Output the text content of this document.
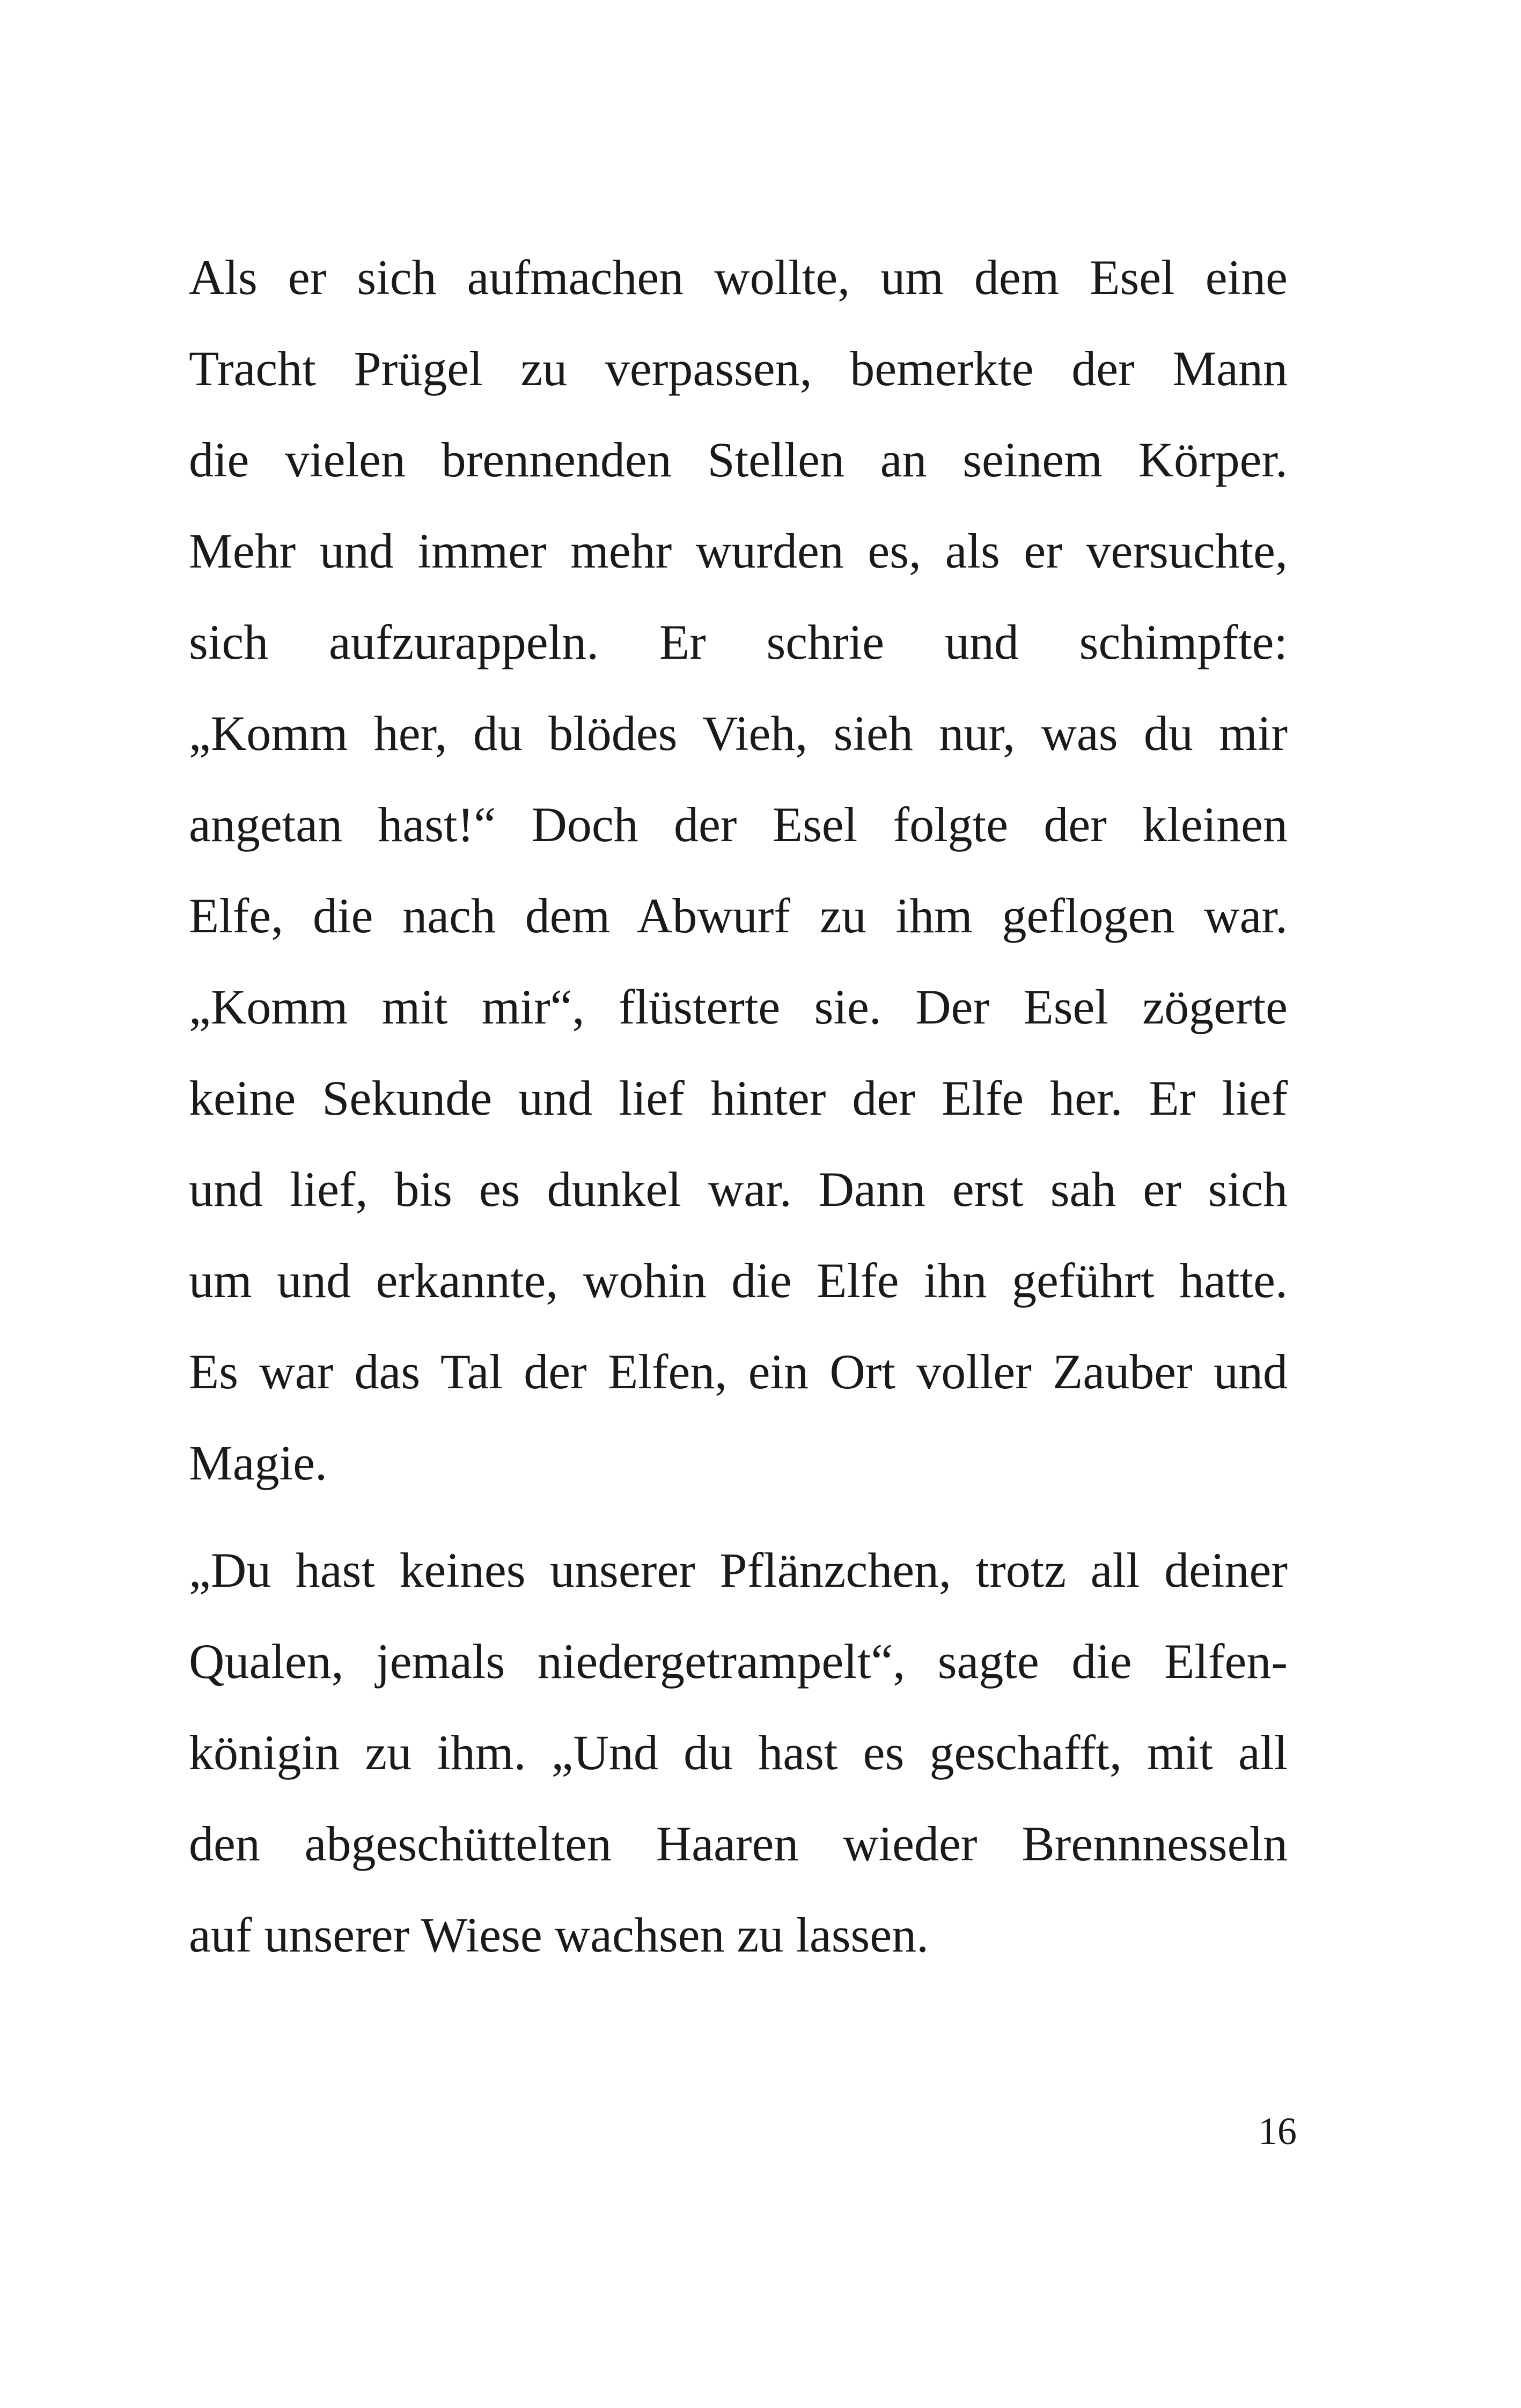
Als er sich aufmachen wollte, um dem Esel eine
Tracht Prügel zu verpassen, bemerkte der Mann
die vielen brennenden Stellen an seinem Körper.
Mehr und immer mehr wurden es, als er versuchte,
sich aufzurappeln. Er schrie und schimpfte:
„Komm her, du blödes Vieh, sieh nur, was du mir
angetan hast!“ Doch der Esel folgte der kleinen
Elfe, die nach dem Abwurf zu ihm geflogen war.
„Komm mit mir“, flüsterte sie. Der Esel zögerte
keine Sekunde und lief hinter der Elfe her. Er lief
und lief, bis es dunkel war. Dann erst sah er sich
um und erkannte, wohin die Elfe ihn geführt hatte.
Es war das Tal der Elfen, ein Ort voller Zauber und
Magie.
„Du hast keines unserer Pflänzchen, trotz all deiner
Qualen, jemals niedergetrampelt“, sagte die Elfen-
königin zu ihm. „Und du hast es geschafft, mit all
den abgeschüttelten Haaren wieder Brennnesseln
auf unserer Wiese wachsen zu lassen.
16
